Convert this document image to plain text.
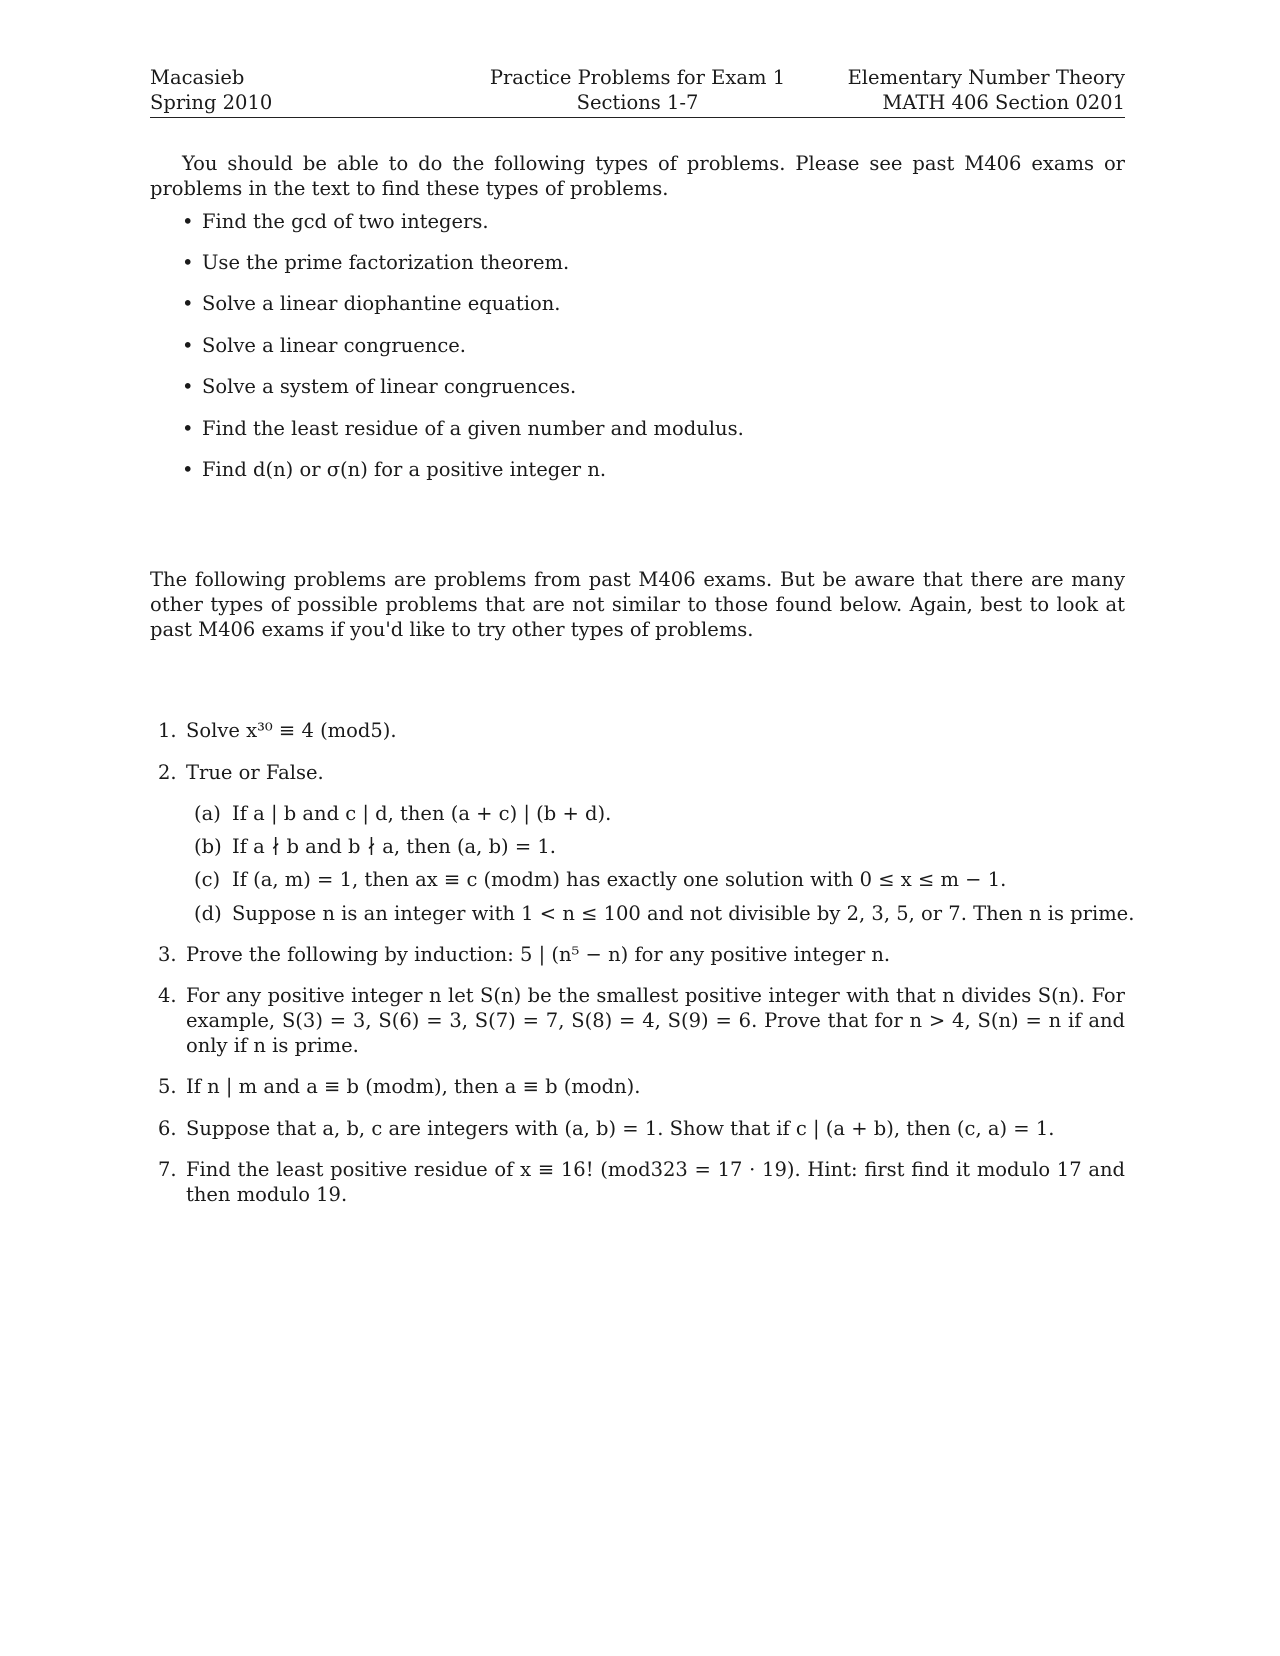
Macasieb
Spring 2010
Practice Problems for Exam 1
Sections 1-7
Elementary Number Theory
MATH 406 Section 0201
You should be able to do the following types of problems. Please see past M406 exams or problems in the text to find these types of problems.
• Find the gcd of two integers.
• Use the prime factorization theorem.
• Solve a linear diophantine equation.
• Solve a linear congruence.
• Solve a system of linear congruences.
• Find the least residue of a given number and modulus.
• Find d(n) or σ(n) for a positive integer n.
The following problems are problems from past M406 exams. But be aware that there are many other types of possible problems that are not similar to those found below. Again, best to look at past M406 exams if you'd like to try other types of problems.
1. Solve x³⁰ ≡ 4 (mod5).
2. True or False.
(a) If a | b and c | d, then (a + c) | (b + d).
(b) If a ∤ b and b ∤ a, then (a, b) = 1.
(c) If (a, m) = 1, then ax ≡ c (modm) has exactly one solution with 0 ≤ x ≤ m − 1.
(d) Suppose n is an integer with 1 < n ≤ 100 and not divisible by 2, 3, 5, or 7. Then n is prime.
3. Prove the following by induction: 5 | (n⁵ − n) for any positive integer n.
4. For any positive integer n let S(n) be the smallest positive integer with that n divides S(n). For example, S(3) = 3, S(6) = 3, S(7) = 7, S(8) = 4, S(9) = 6. Prove that for n > 4, S(n) = n if and only if n is prime.
5. If n | m and a ≡ b (modm), then a ≡ b (modn).
6. Suppose that a, b, c are integers with (a, b) = 1. Show that if c | (a + b), then (c, a) = 1.
7. Find the least positive residue of x ≡ 16! (mod323 = 17 · 19). Hint: first find it modulo 17 and then modulo 19.
